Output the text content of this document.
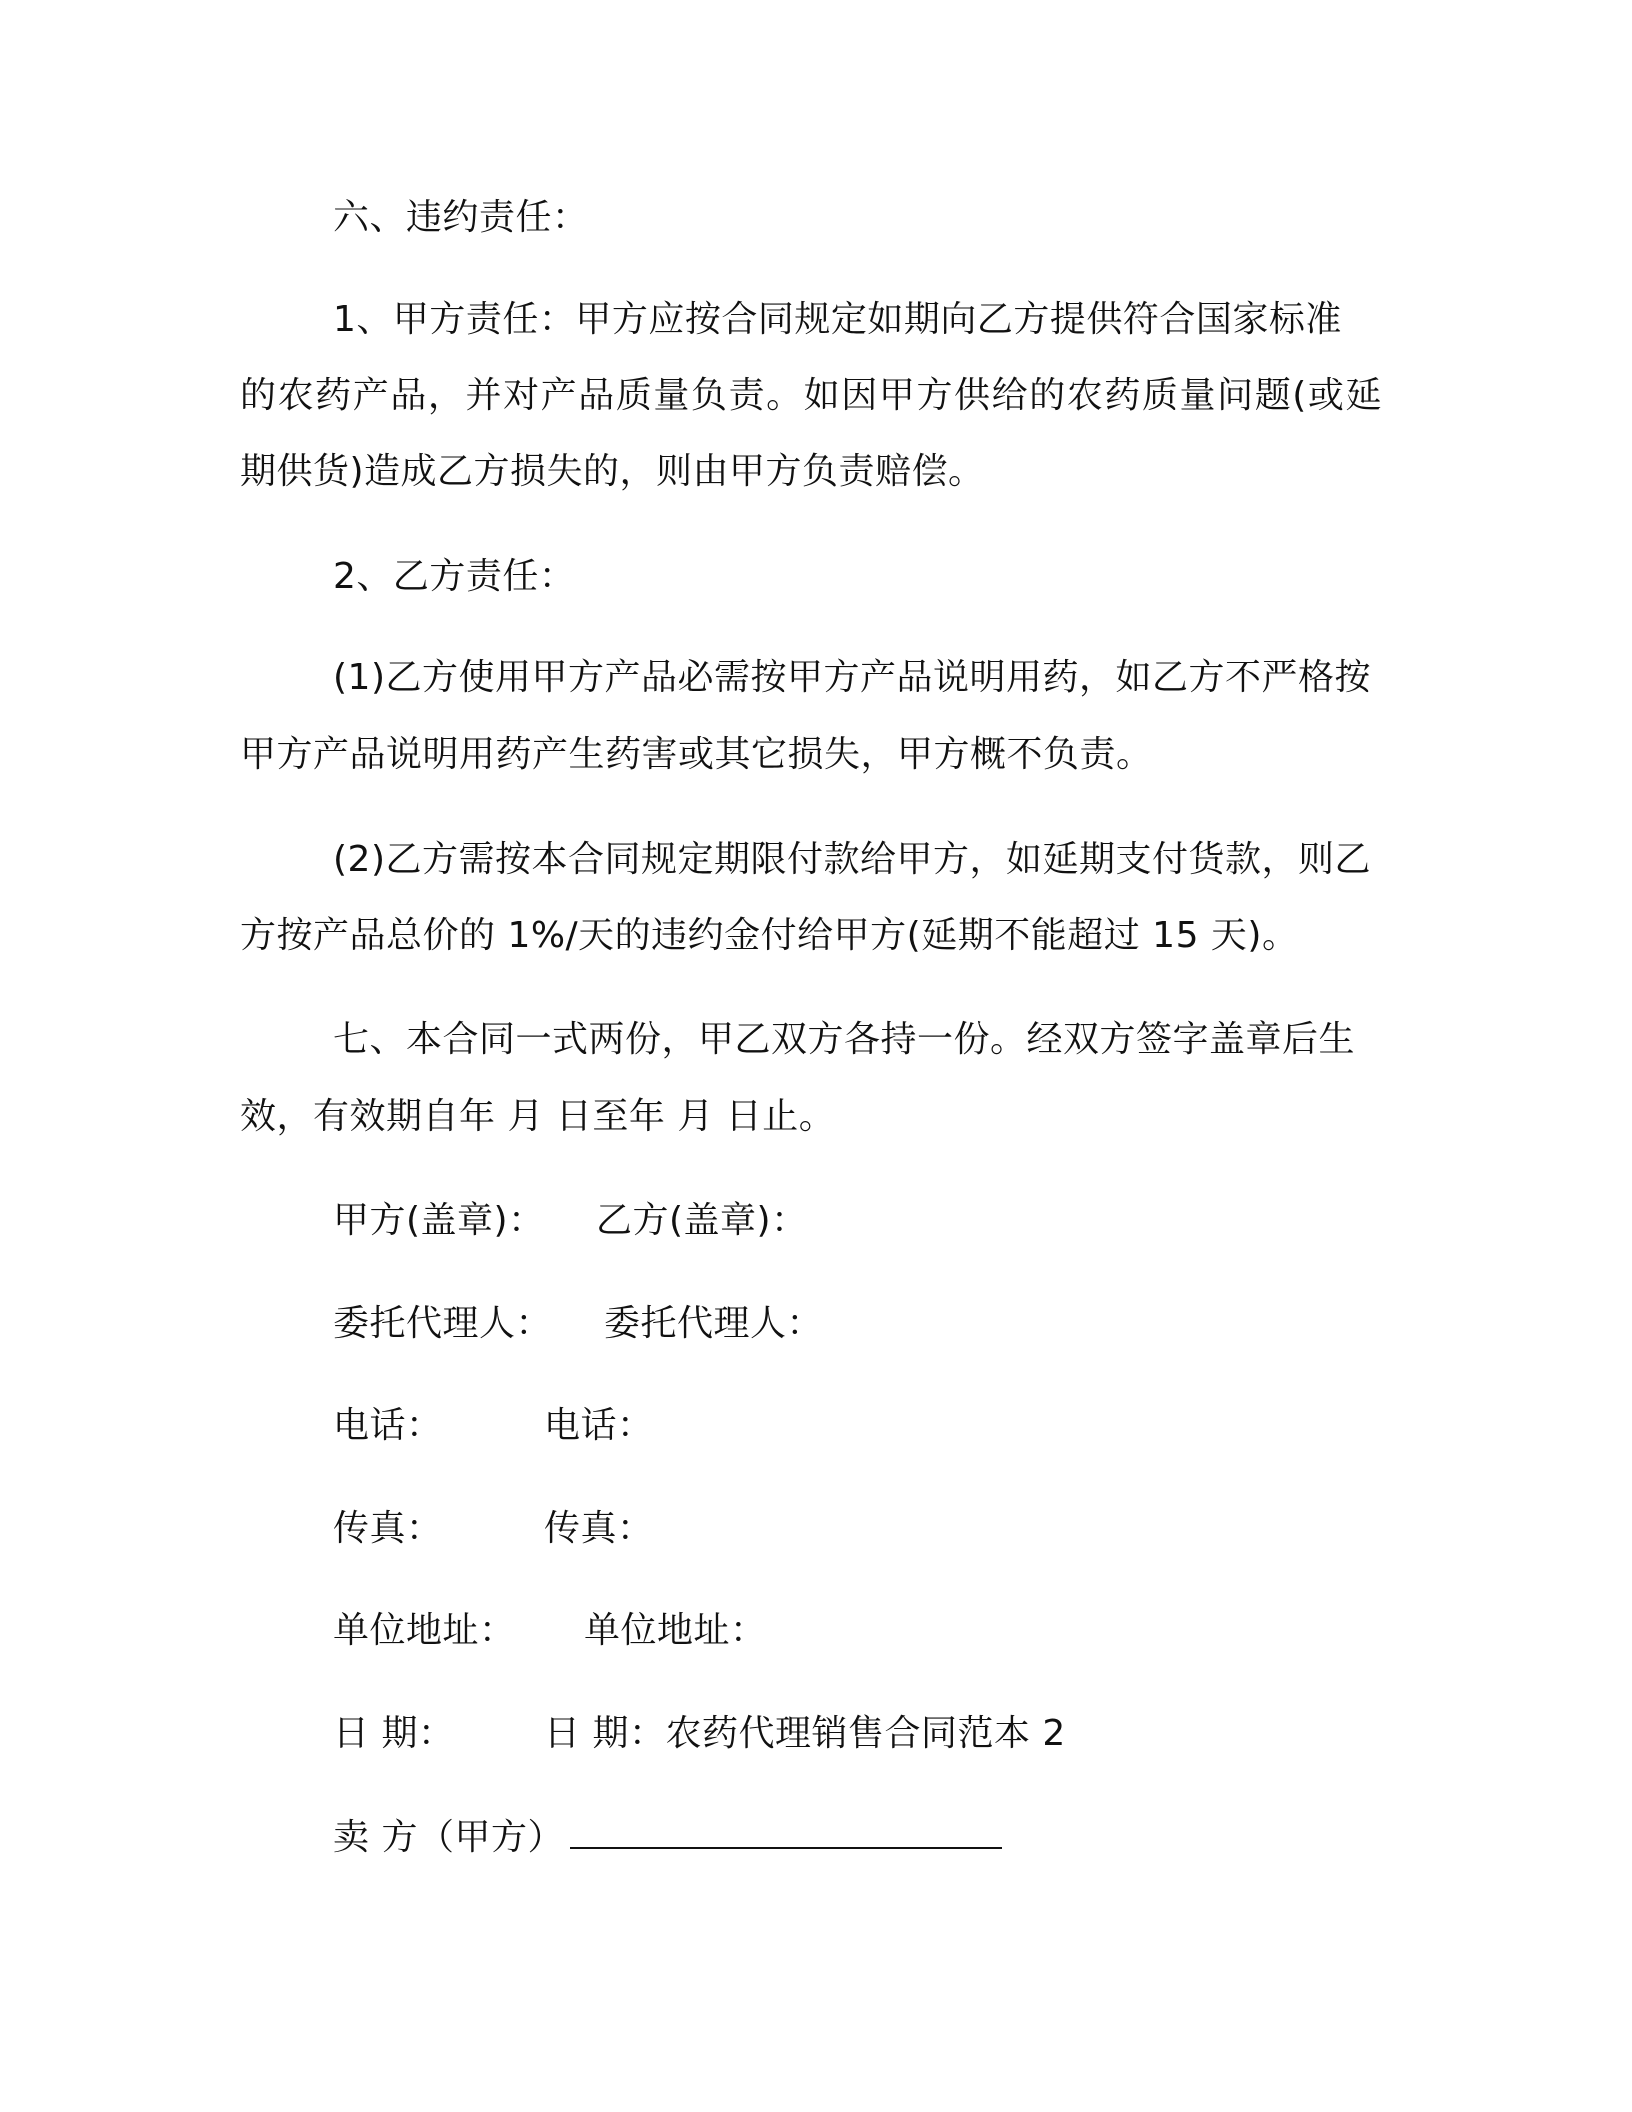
六、违约责任：
1、甲方责任：甲方应按合同规定如期向乙方提供符合国家标准
的农药产品，并对产品质量负责。如因甲方供给的农药质量问题(或延
期供货)造成乙方损失的，则由甲方负责赔偿。
2、乙方责任：
(1)乙方使用甲方产品必需按甲方产品说明用药，如乙方不严格按
甲方产品说明用药产生药害或其它损失，甲方概不负责。
(2)乙方需按本合同规定期限付款给甲方，如延期支付货款，则乙
方按产品总价的 1%/天的违约金付给甲方(延期不能超过 15 天)。
七、本合同一式两份，甲乙双方各持一份。经双方签字盖章后生
效，有效期自年 月 日至年 月 日止。
甲方(盖章)： 乙方(盖章)：
委托代理人： 委托代理人：
电话：	电话：
传真：	传真：
单位地址： 单位地址：
日 期： 日 期：农药代理销售合同范本 2
卖 方（甲方）
